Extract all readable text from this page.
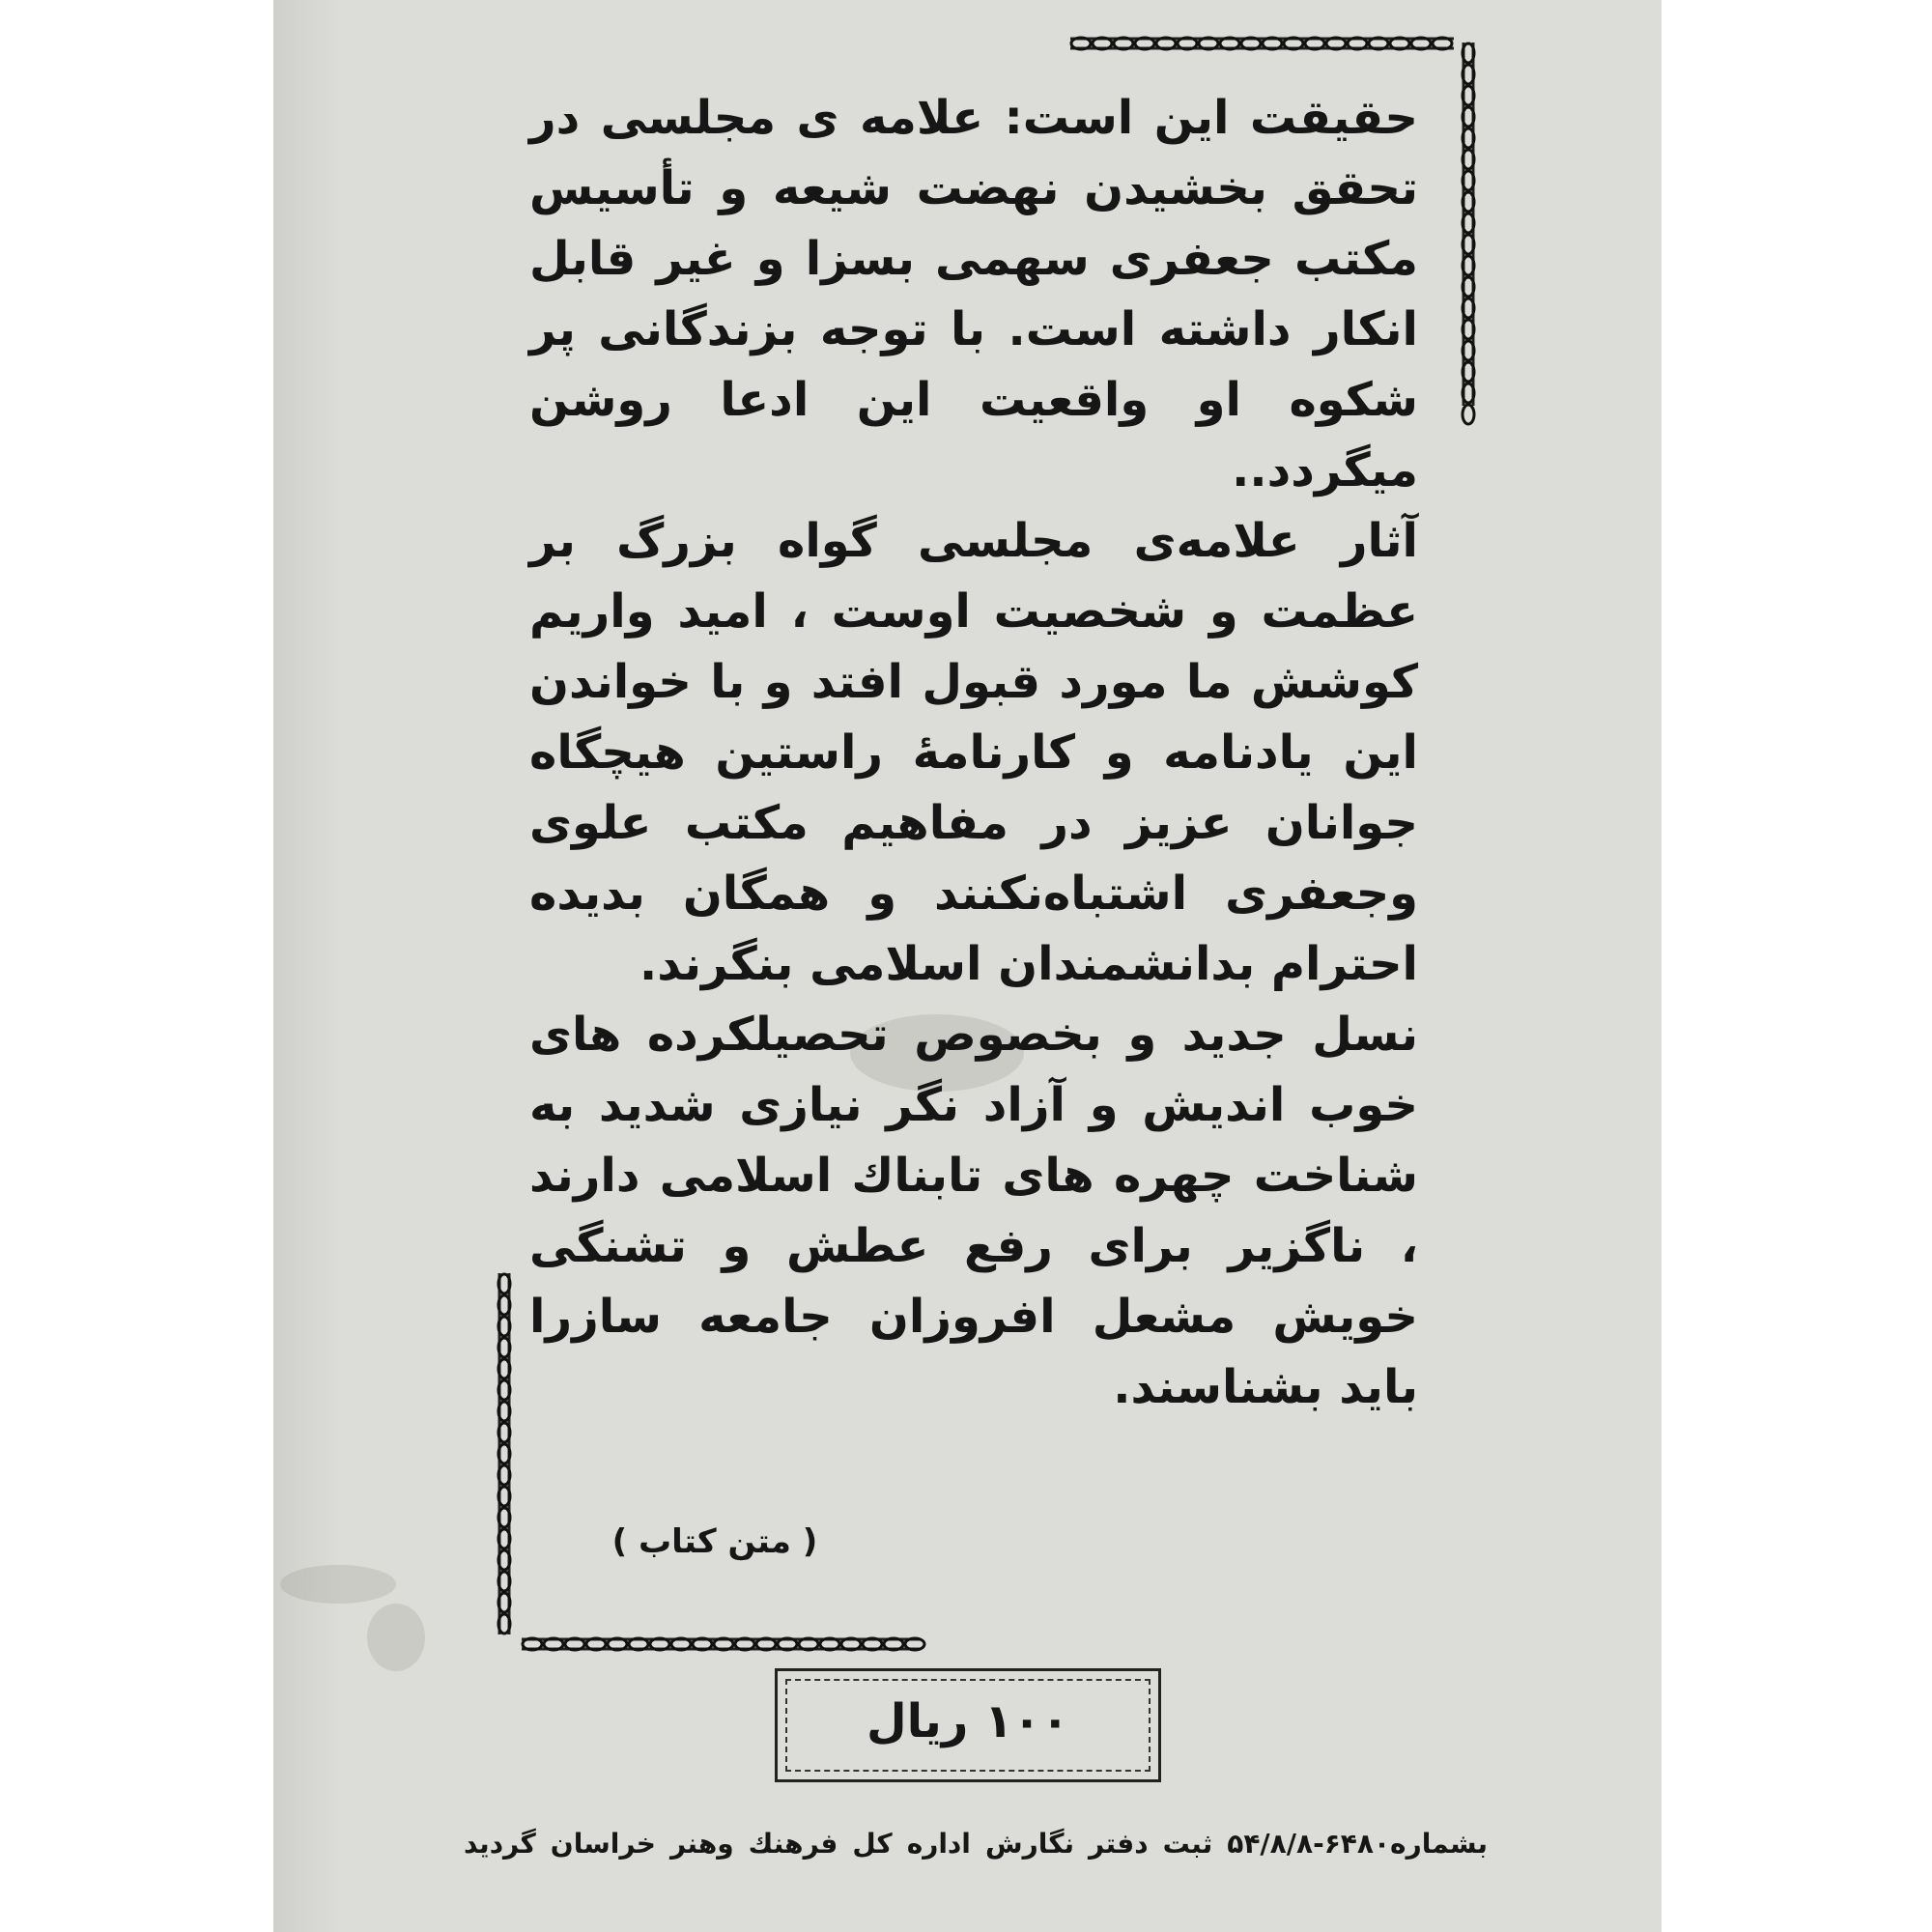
حقیقت این است: علامه ی مجلسی در تحقق بخشیدن نهضت شیعه و تأسیس مکتب جعفری سهمی بسزا و غیر قابل انکار داشته است. با توجه بزندگانی پر شکوه او واقعیت این ادعا روشن میگردد..

آثار علامه‌ی مجلسی گواه بزرگ بر عظمت و شخصیت اوست ، امید واریم کوشش ما مورد قبول افتد و با خواندن این یادنامه و کارنامهٔ راستین هیچگاه جوانان عزیز در مفاهیم مکتب علوی وجعفری اشتباه‌نکنند و همگان بدیده احترام بدانشمندان اسلامی بنگرند.

نسل جدید و بخصوص تحصیلکرده های خوب اندیش و آزاد نگر نیازی شدید به شناخت چهره های تابناك اسلامی دارند ، ناگزیر برای رفع عطش و تشنگی خویش مشعل افروزان جامعه سازرا باید بشناسند.

( متن کتاب )
۱۰۰ ریال
بشماره۶۴۸۰-۵۴/۸/۸ ثبت دفتر نگارش اداره کل فرهنك وهنر خراسان گردید
